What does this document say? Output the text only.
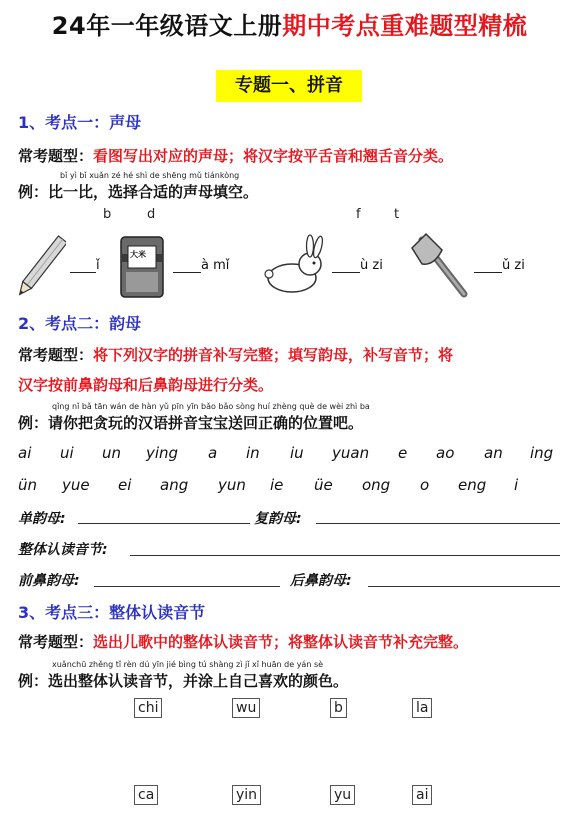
24年一年级语文上册期中考点重难题型精梳
专题一、拼音
1、考点一：声母
常考题型：看图写出对应的声母；将汉字按平舌音和翘舌音分类。
bǐ yì bǐ xuǎn zé hé shì de shēng mǔ tiánkòng
例：比一比，选择合适的声母填空。
b	d	f	t
ǐ
大米
à mǐ	ù zi	ǔ zi
2、考点二：韵母
常考题型：将下列汉字的拼音补写完整；填写韵母，补写音节；将
汉字按前鼻韵母和后鼻韵母进行分类。
qǐng nǐ bǎ tān wán de hàn yǔ pīn yīn bǎo bǎo sòng huí zhèng què de wèi zhì ba
例：请你把贪玩的汉语拼音宝宝送回正确的位置吧。
ai ui un ying a in iu yuan e ao an ing
ün yue ei ang yun ie üe ong o eng i
单韵母:	复韵母:
整体认读音节:
前鼻韵母:	后鼻韵母:
3、考点三：整体认读音节
常考题型：选出儿歌中的整体认读音节；将整体认读音节补充完整。
xuǎnchū zhěng tǐ rèn dú yīn jié bìng tú shàng zì jǐ xǐ huān de yán sè
例：选出整体认读音节，并涂上自己喜欢的颜色。
chi	wu	b	la
ca	yin	yu	ai
